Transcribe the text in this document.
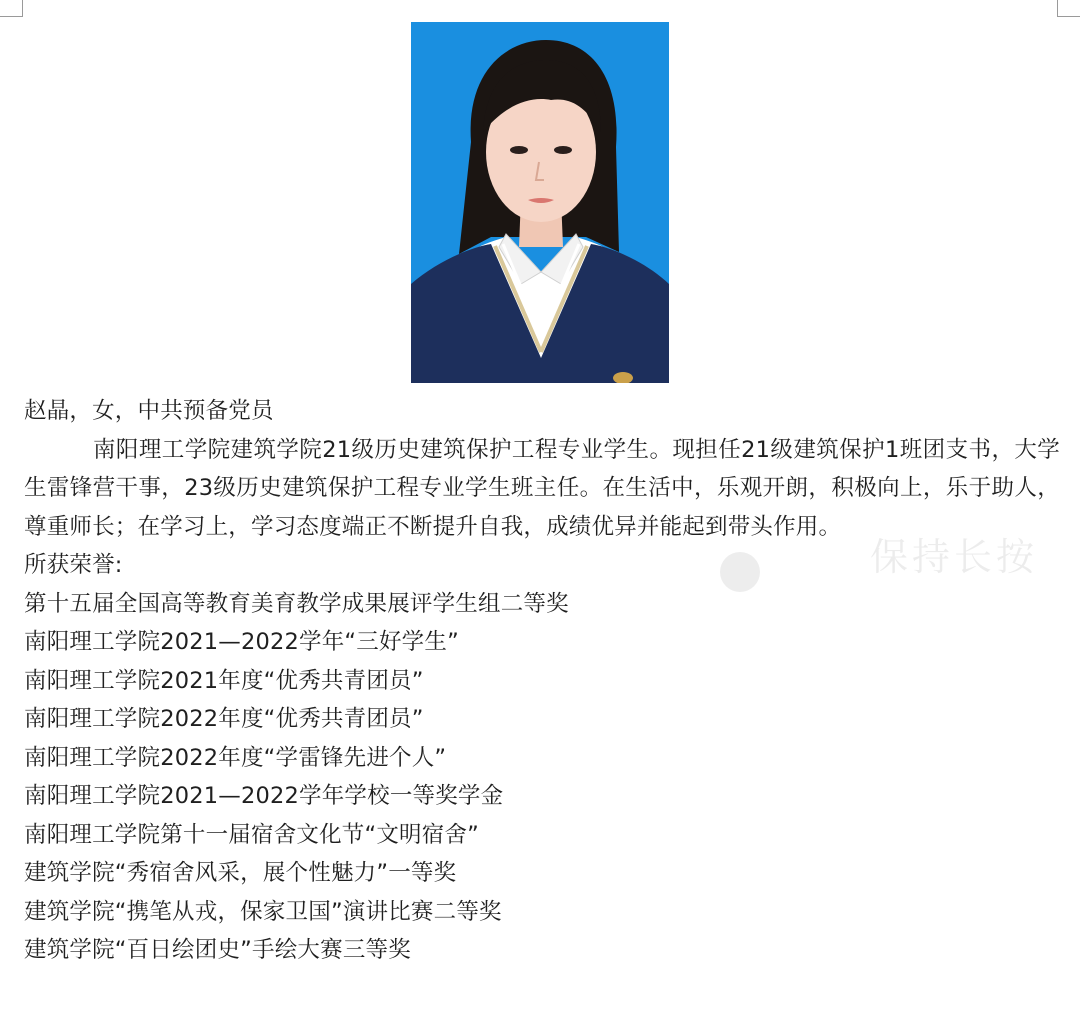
赵晶，女，中共预备党员

南阳理工学院建筑学院21级历史建筑保护工程专业学生。现担任21级建筑保护1班团支书，大学生雷锋营干事，23级历史建筑保护工程专业学生班主任。在生活中，乐观开朗，积极向上，乐于助人，尊重师长；在学习上，学习态度端正不断提升自我，成绩优异并能起到带头作用。

所获荣誉:

第十五届全国高等教育美育教学成果展评学生组二等奖
南阳理工学院2021—2022学年“三好学生”
南阳理工学院2021年度“优秀共青团员”
南阳理工学院2022年度“优秀共青团员”
南阳理工学院2022年度“学雷锋先进个人”
南阳理工学院2021—2022学年学校一等奖学金
南阳理工学院第十一届宿舍文化节“文明宿舍”
建筑学院“秀宿舍风采，展个性魅力”一等奖
建筑学院“携笔从戎，保家卫国”演讲比赛二等奖
建筑学院“百日绘团史”手绘大赛三等奖
保持长按
